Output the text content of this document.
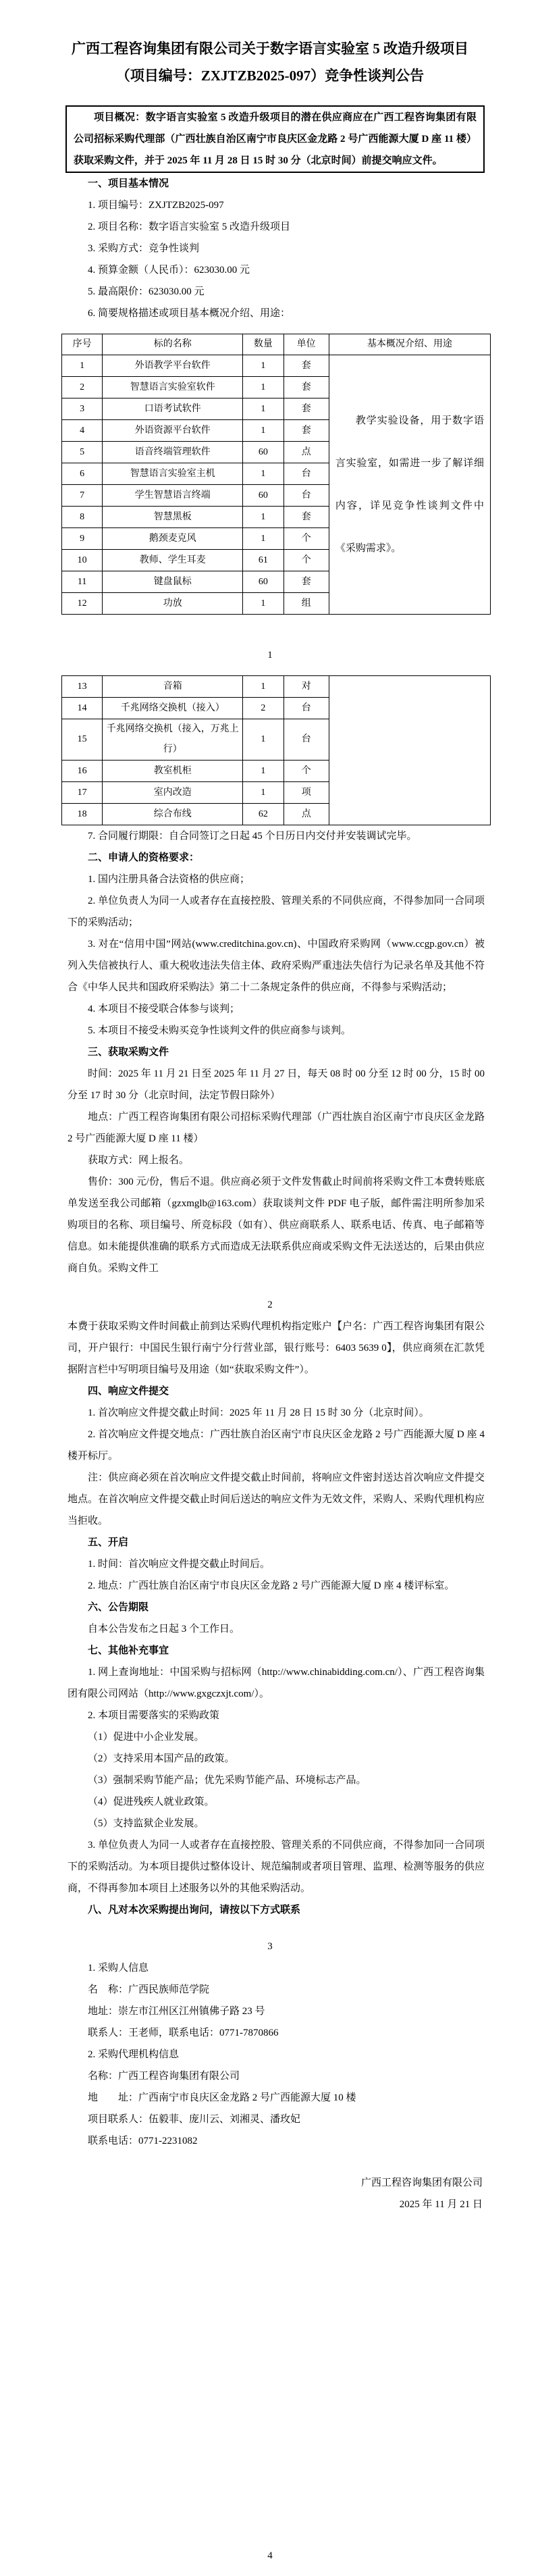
广西工程咨询集团有限公司关于数字语言实验室 5 改造升级项目
（项目编号：ZXJTZB2025-097）竞争性谈判公告
项目概况：数字语言实验室 5 改造升级项目的潜在供应商应在广西工程咨询集团有限公司招标采购代理部（广西壮族自治区南宁市良庆区金龙路 2 号广西能源大厦 D 座 11 楼）获取采购文件，并于 2025 年 11 月 28 日 15 时 30 分（北京时间）前提交响应文件。
一、项目基本情况
1. 项目编号：ZXJTZB2025-097
2. 项目名称：数字语言实验室 5 改造升级项目
3. 采购方式：竞争性谈判
4. 预算金额（人民币）：623030.00 元
5. 最高限价：623030.00 元
6. 简要规格描述或项目基本概况介绍、用途：
序号	标的名称	数量	单位	基本概况介绍、用途
1	外语教学平台软件	1	套	教学实验设备，用于数字语言实验室，如需进一步了解详细内容，详见竞争性谈判文件中《采购需求》。
2	智慧语言实验室软件	1	套	
3	口语考试软件	1	套	
4	外语资源平台软件	1	套	
5	语音终端管理软件	60	点	
6	智慧语言实验室主机	1	台	
7	学生智慧语言终端	60	台	
8	智慧黑板	1	套	
9	鹅颈麦克风	1	个	
10	教师、学生耳麦	61	个	
11	键盘鼠标	60	套	
12	功放	1	组	
1
13	音箱	1	对	
14	千兆网络交换机（接入）	2	台	
15	千兆网络交换机（接入，万兆上行）	1	台	
16	教室机柜	1	个	
17	室内改造	1	项	
18	综合布线	62	点	
7. 合同履行期限：自合同签订之日起 45 个日历日内交付并安装调试完毕。
二、申请人的资格要求：
1. 国内注册具备合法资格的供应商；
2. 单位负责人为同一人或者存在直接控股、管理关系的不同供应商，不得参加同一合同项下的采购活动；
3. 对在“信用中国”网站(www.creditchina.gov.cn)、中国政府采购网（www.ccgp.gov.cn）被列入失信被执行人、重大税收违法失信主体、政府采购严重违法失信行为记录名单及其他不符合《中华人民共和国政府采购法》第二十二条规定条件的供应商，不得参与采购活动；
4. 本项目不接受联合体参与谈判；
5. 本项目不接受未购买竞争性谈判文件的供应商参与谈判。
三、获取采购文件
时间：2025 年 11 月 21 日至 2025 年 11 月 27 日，每天 08 时 00 分至 12 时 00 分，15 时 00 分至 17 时 30 分（北京时间，法定节假日除外）
地点：广西工程咨询集团有限公司招标采购代理部（广西壮族自治区南宁市良庆区金龙路 2 号广西能源大厦 D 座 11 楼）
获取方式：网上报名。
售价：300 元/份，售后不退。供应商必须于文件发售截止时间前将采购文件工本费转账底单发送至我公司邮箱（gzxmglb@163.com）获取谈判文件 PDF 电子版，邮件需注明所参加采购项目的名称、项目编号、所竞标段（如有）、供应商联系人、联系电话、传真、电子邮箱等信息。如未能提供准确的联系方式而造成无法联系供应商或采购文件无法送达的，后果由供应商自负。采购文件工
2
本费于获取采购文件时间截止前到达采购代理机构指定账户【户名：广西工程咨询集团有限公司，开户银行：中国民生银行南宁分行营业部，银行账号：6403 5639 0】，供应商须在汇款凭据附言栏中写明项目编号及用途（如“获取采购文件”）。
四、响应文件提交
1. 首次响应文件提交截止时间：2025 年 11 月 28 日 15 时 30 分（北京时间）。
2. 首次响应文件提交地点：广西壮族自治区南宁市良庆区金龙路 2 号广西能源大厦 D 座 4 楼开标厅。
注：供应商必须在首次响应文件提交截止时间前，将响应文件密封送达首次响应文件提交地点。在首次响应文件提交截止时间后送达的响应文件为无效文件，采购人、采购代理机构应当拒收。
五、开启
1. 时间：首次响应文件提交截止时间后。
2. 地点：广西壮族自治区南宁市良庆区金龙路 2 号广西能源大厦 D 座 4 楼评标室。
六、公告期限
自本公告发布之日起 3 个工作日。
七、其他补充事宜
1. 网上查询地址：中国采购与招标网（http://www.chinabidding.com.cn/）、广西工程咨询集团有限公司网站（http://www.gxgczxjt.com/）。
2. 本项目需要落实的采购政策
（1）促进中小企业发展。
（2）支持采用本国产品的政策。
（3）强制采购节能产品；优先采购节能产品、环境标志产品。
（4）促进残疾人就业政策。
（5）支持监狱企业发展。
3. 单位负责人为同一人或者存在直接控股、管理关系的不同供应商，不得参加同一合同项下的采购活动。为本项目提供过整体设计、规范编制或者项目管理、监理、检测等服务的供应商，不得再参加本项目上述服务以外的其他采购活动。
八、凡对本次采购提出询问，请按以下方式联系
3
1. 采购人信息
名　称：广西民族师范学院
地址：崇左市江州区江州镇佛子路 23 号
联系人：王老师，联系电话：0771-7870866
2. 采购代理机构信息
名称：广西工程咨询集团有限公司
地　　址：广西南宁市良庆区金龙路 2 号广西能源大厦 10 楼
项目联系人：伍毅菲、庞川云、刘湘灵、潘玫妃
联系电话：0771-2231082
广西工程咨询集团有限公司
2025 年 11 月 21 日
4
